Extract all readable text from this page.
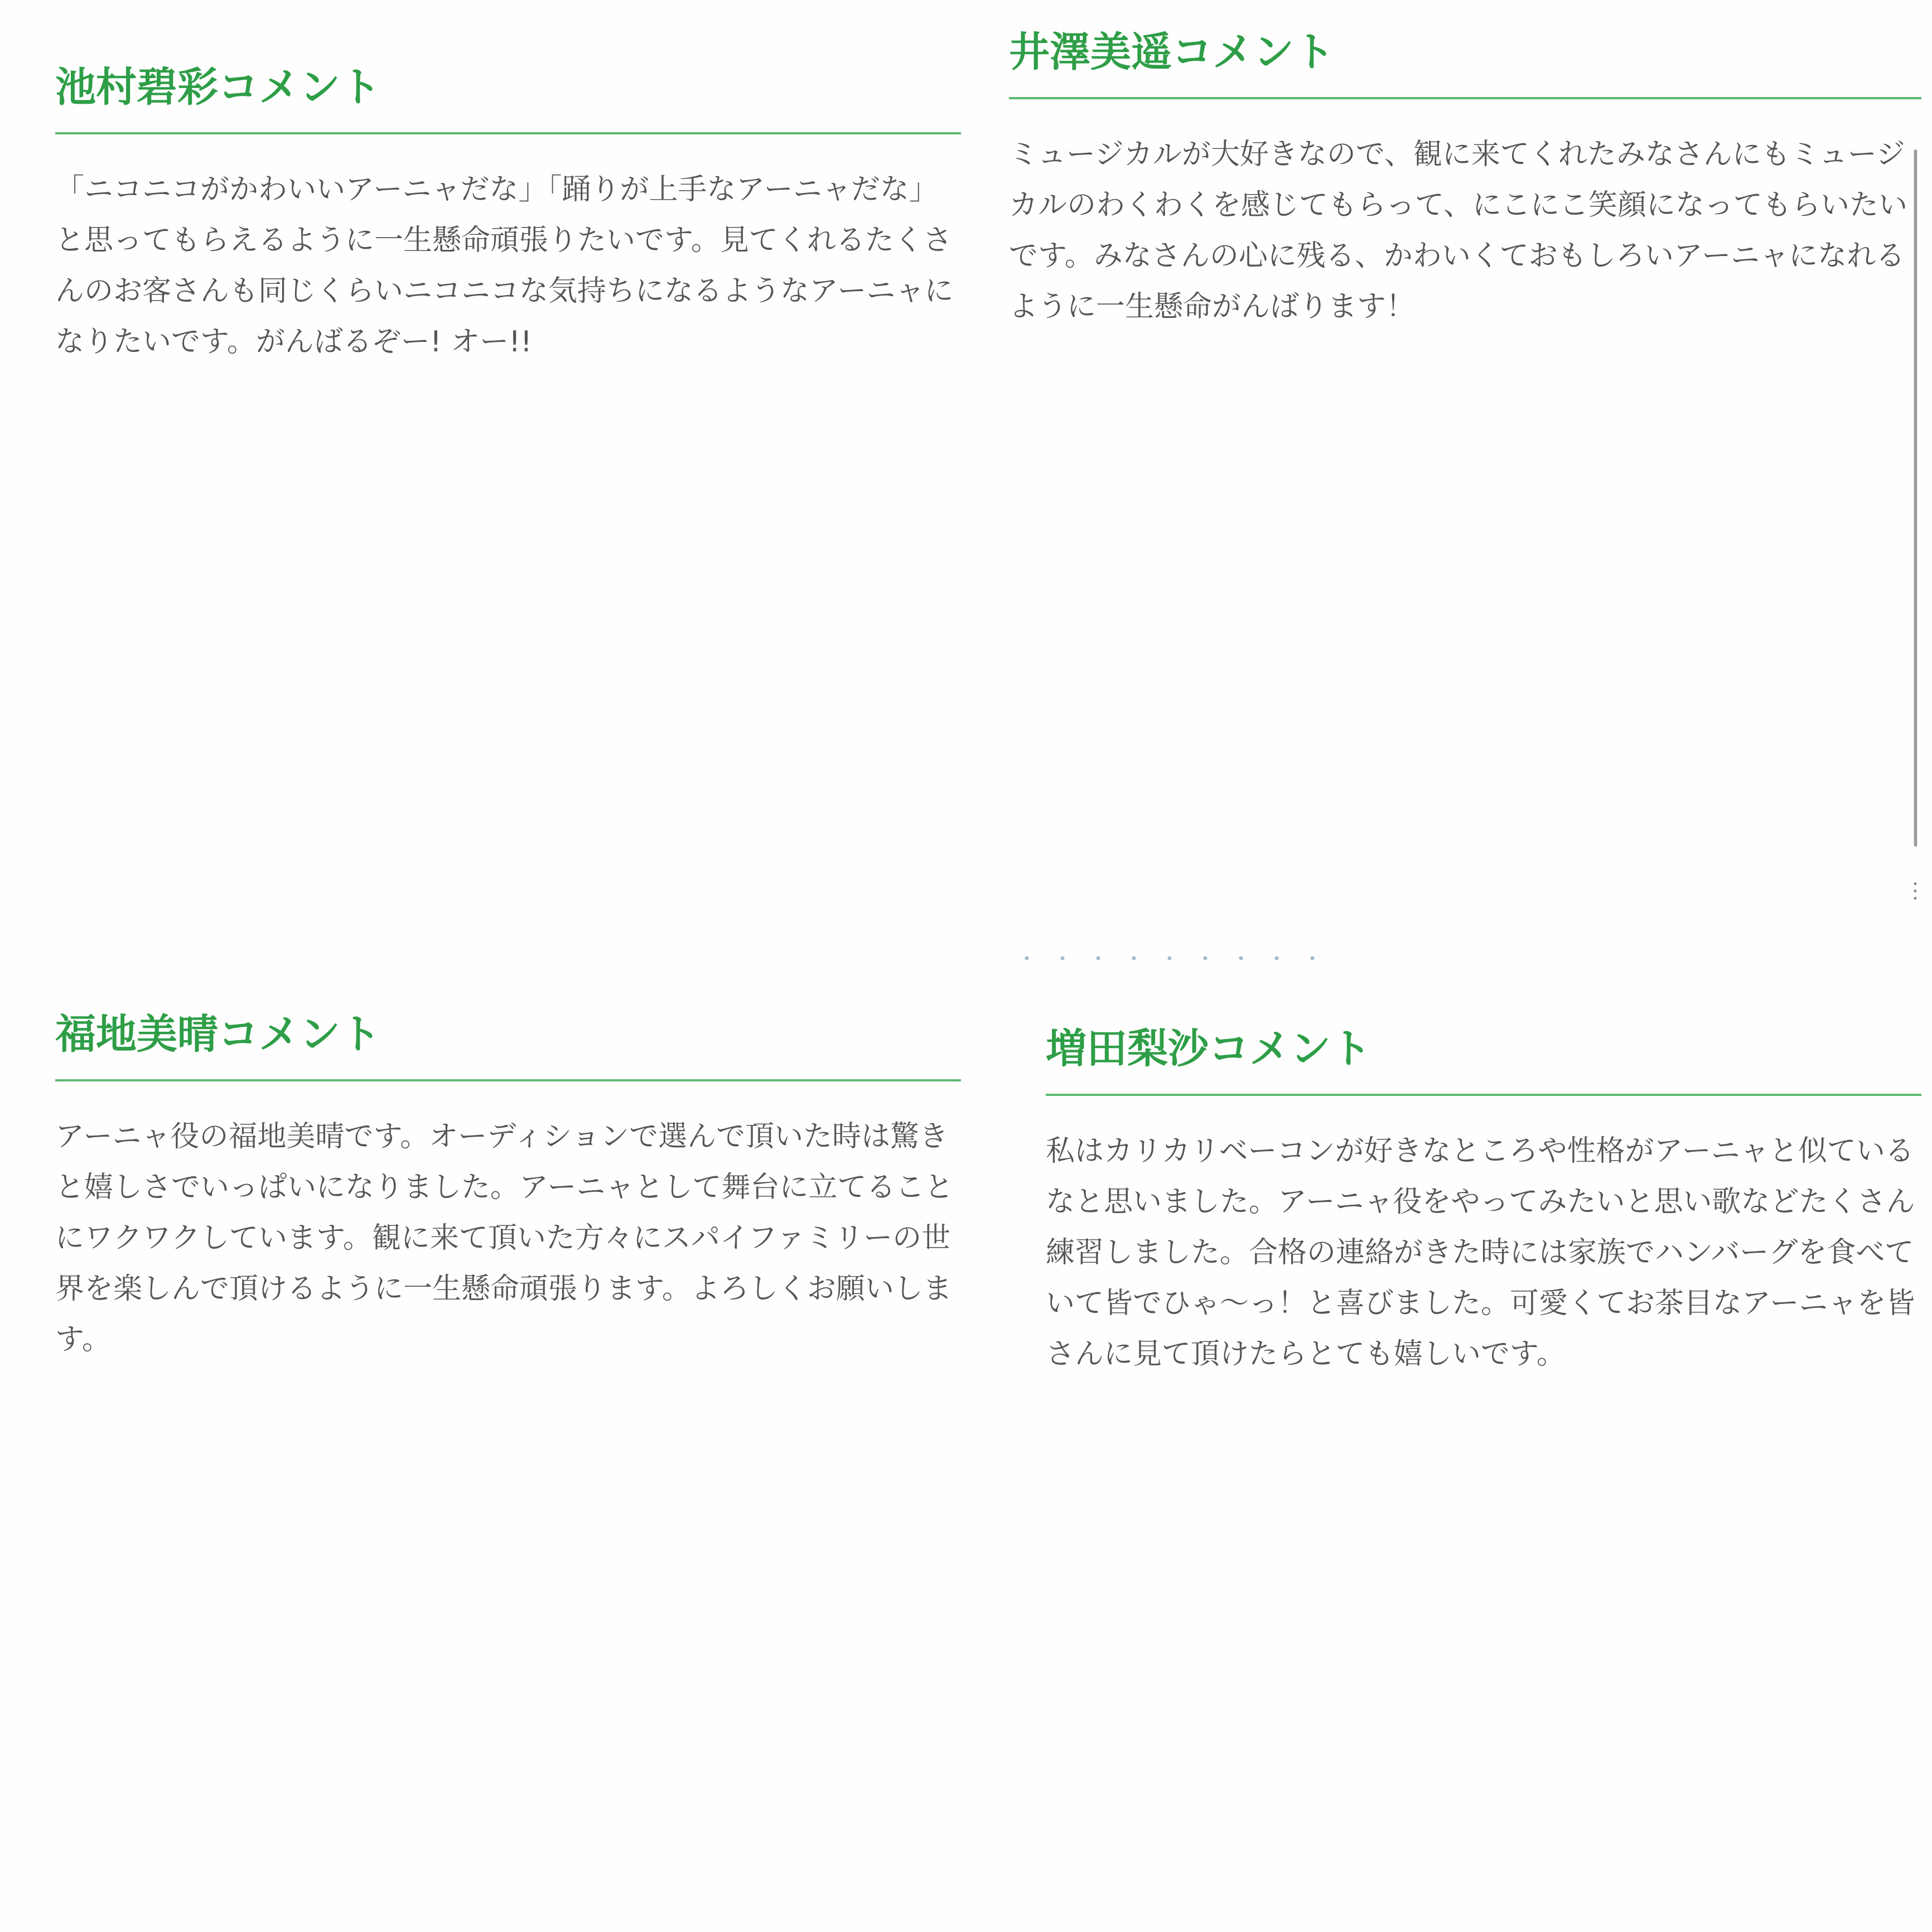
池村碧彩コメント

「ニコニコがかわいいアーニャだな」「踊りが上手なアーニャだな」と思ってもらえるように一生懸命頑張りたいです。見てくれるたくさんのお客さんも同じくらいニコニコな気持ちになるようなアーニャになりたいです。がんばるぞー! オー!!

井澤美遥コメント

ミュージカルが大好きなので、観に来てくれたみなさんにもミュージカルのわくわくを感じてもらって、にこにこ笑顔になってもらいたいです。みなさんの心に残る、かわいくておもしろいアーニャになれるように一生懸命がんばります！

福地美晴コメント

アーニャ役の福地美晴です。オーディションで選んで頂いた時は驚きと嬉しさでいっぱいになりました。アーニャとして舞台に立てることにワクワクしています。観に来て頂いた方々にスパイファミリーの世界を楽しんで頂けるように一生懸命頑張ります。よろしくお願いします。

増田梨沙コメント

私はカリカリベーコンが好きなところや性格がアーニャと似ているなと思いました。アーニャ役をやってみたいと思い歌などたくさん練習しました。合格の連絡がきた時には家族でハンバーグを食べていて皆でひゃ〜っ！と喜びました。可愛くてお茶目なアーニャを皆さんに見て頂けたらとても嬉しいです。
